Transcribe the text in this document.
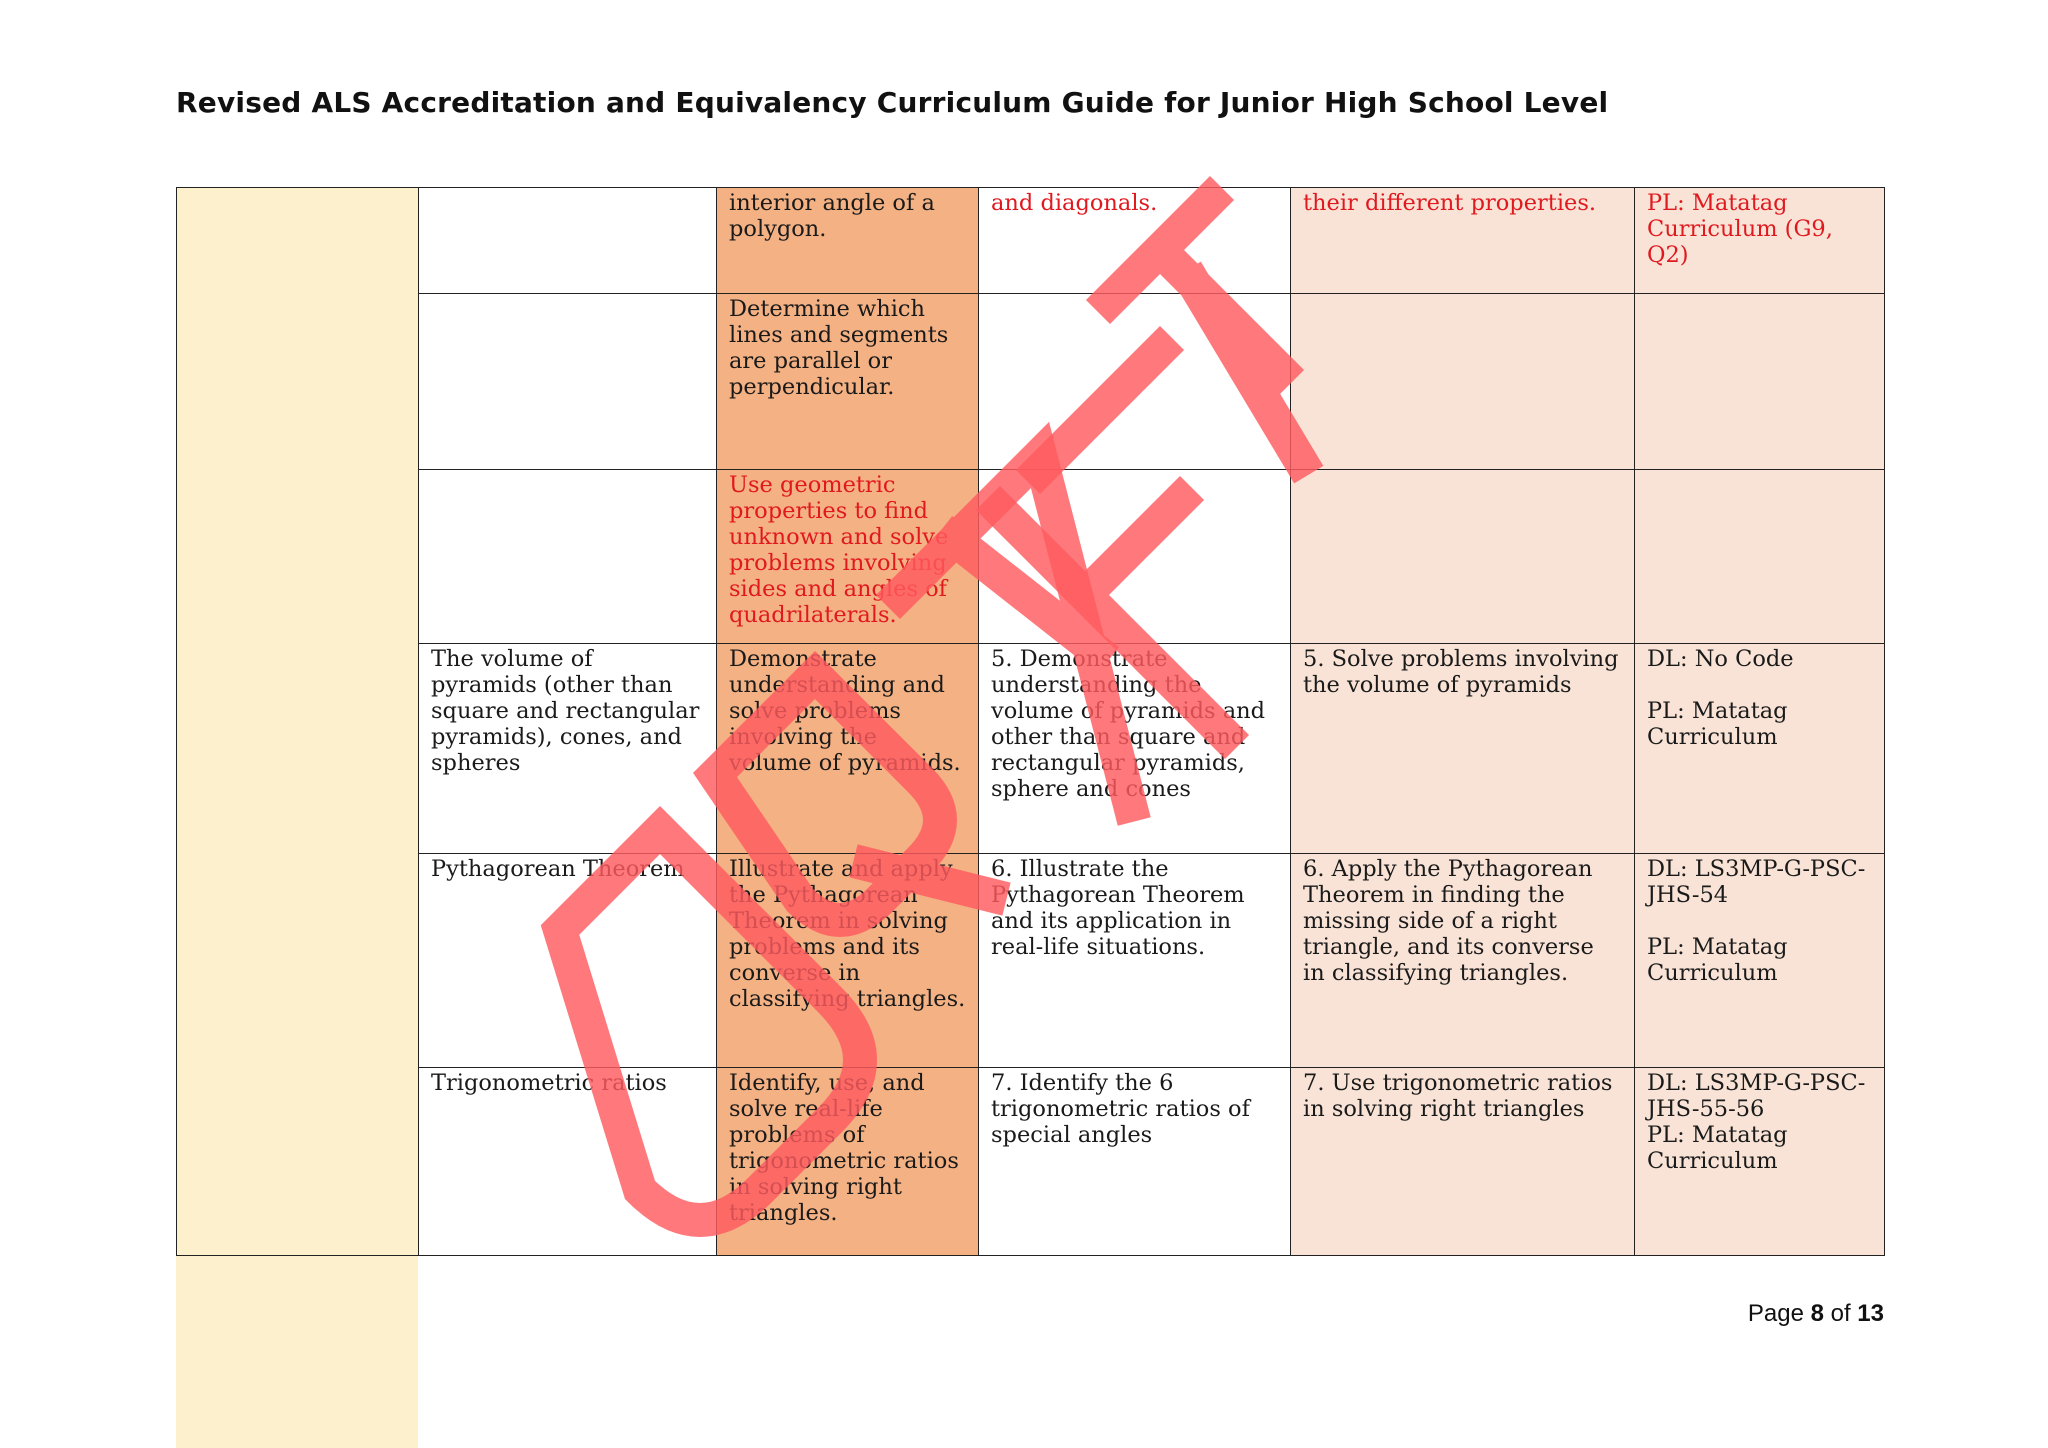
Revised ALS Accreditation and Equivalency Curriculum Guide for Junior High School Level
		interior angle of a polygon.	and diagonals.	their different properties.	PL: Matatag Curriculum (G9, Q2)
		Determine which lines and segments are parallel or perpendicular.			
		Use geometric properties to find unknown and solve problems involving sides and angles of quadrilaterals.			
	The volume of pyramids (other than square and rectangular pyramids), cones, and spheres	Demonstrate understanding and solve problems involving the volume of pyramids.	5. Demonstrate understanding the volume of pyramids and other than square and rectangular pyramids, sphere and cones	5. Solve problems involving the volume of pyramids	DL: No Code
PL: Matatag Curriculum

	Pythagorean Theorem	Illustrate and apply the Pythagorean Theorem in solving problems and its converse in classifying triangles.	6. Illustrate the Pythagorean Theorem and its application in real-life situations.	6. Apply the Pythagorean Theorem in finding the missing side of a right triangle, and its converse in classifying triangles.	DL: LS3MP-G-PSC-JHS-54
PL: Matatag Curriculum

	Trigonometric ratios	Identify, use, and solve real-life problems of trigonometric ratios in solving right triangles.	7. Identify the 6 trigonometric ratios of special angles	7. Use trigonometric ratios in solving right triangles	DL: LS3MP-G-PSC-JHS-55-56
PL: Matatag Curriculum
Page 8 of 13
